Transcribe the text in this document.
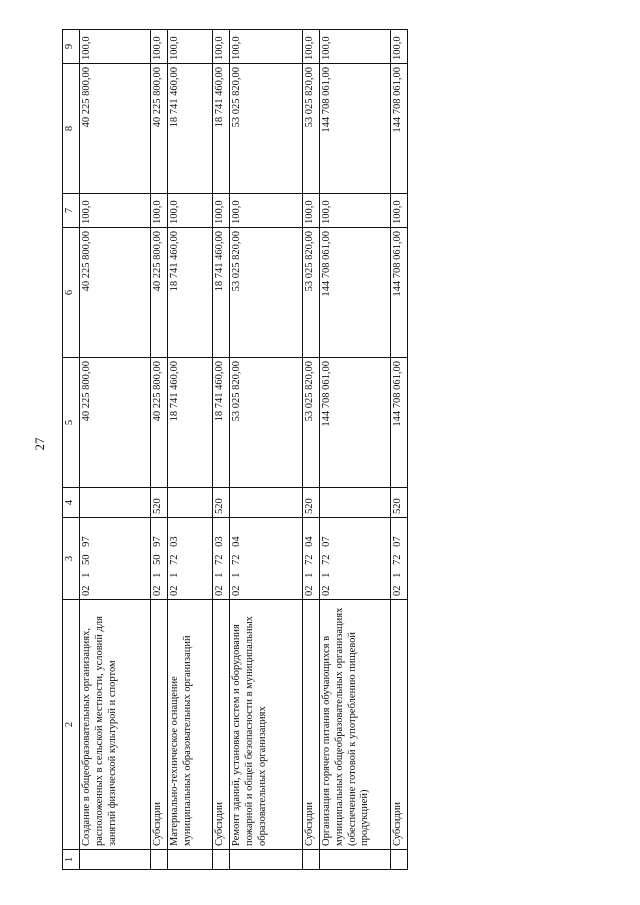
27
1	2	3	4	5	6	7	8	9
	Создание в общеобразовательных организациях, расположенных в сельской местности, условий для занятий физической культурой и спортом	02 1 50 97		40 225 800,00	40 225 800,00	100,0	40 225 800,00	100,0
	Субсидии	02 1 50 97	520	40 225 800,00	40 225 800,00	100,0	40 225 800,00	100,0
	Материально-техническое оснащение муниципальных образовательных организаций	02 1 72 03		18 741 460,00	18 741 460,00	100,0	18 741 460,00	100,0
	Субсидии	02 1 72 03	520	18 741 460,00	18 741 460,00	100,0	18 741 460,00	100,0
	Ремонт зданий, установка систем и оборудования пожарной и общей безопасности в муниципальных образовательных организациях	02 1 72 04		53 025 820,00	53 025 820,00	100,0	53 025 820,00	100,0
	Субсидии	02 1 72 04	520	53 025 820,00	53 025 820,00	100,0	53 025 820,00	100,0
	Организация горячего питания обучающихся в муниципальных общеобразовательных организациях (обеспечение готовой к употреблению пищевой продукцией)	02 1 72 07		144 708 061,00	144 708 061,00	100,0	144 708 061,00	100,0
	Субсидии	02 1 72 07	520	144 708 061,00	144 708 061,00	100,0	144 708 061,00	100,0
